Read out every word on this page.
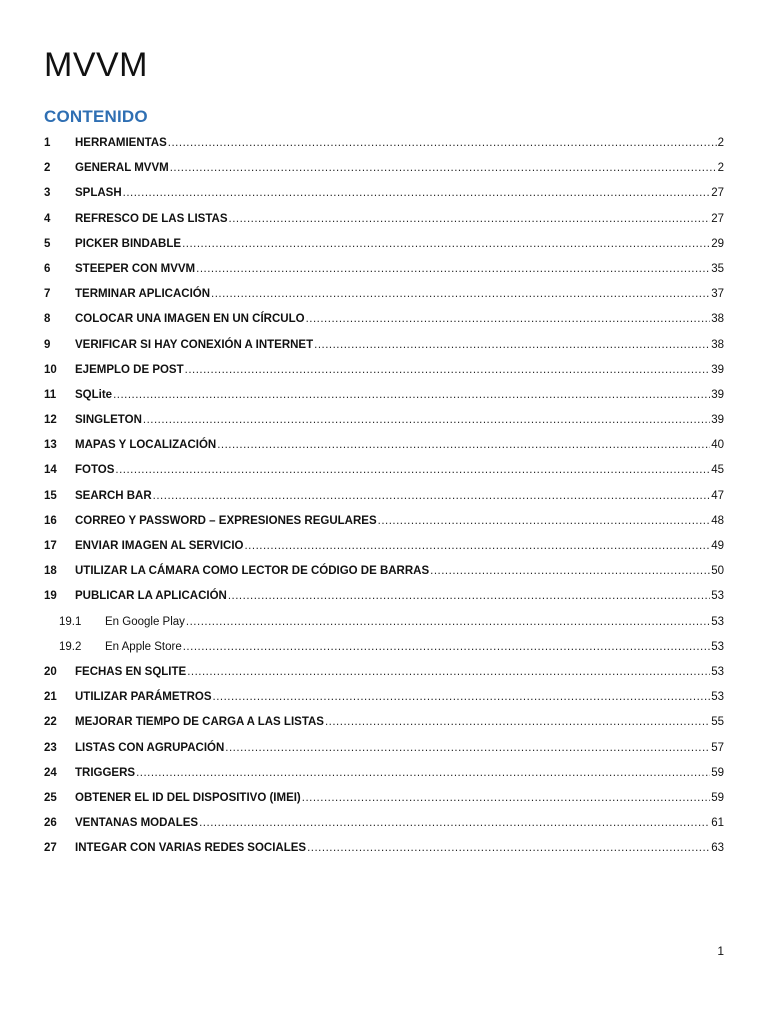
MVVM
CONTENIDO
1	HERRAMIENTAS .....	2
2	GENERAL MVVM .....	2
3	SPLASH .....	27
4	REFRESCO DE LAS LISTAS .....	27
5	PICKER BINDABLE .....	29
6	STEEPER CON MVVM .....	35
7	TERMINAR APLICACIÓN .....	37
8	COLOCAR UNA IMAGEN EN UN CÍRCULO .....	38
9	VERIFICAR SI HAY CONEXIÓN A INTERNET .....	38
10	EJEMPLO DE POST .....	39
11	SQLite .....	39
12	SINGLETON .....	39
13	MAPAS Y LOCALIZACIÓN .....	40
14	FOTOS .....	45
15	SEARCH BAR .....	47
16	CORREO Y PASSWORD – EXPRESIONES REGULARES .....	48
17	ENVIAR IMAGEN AL SERVICIO .....	49
18	UTILIZAR LA CÁMARA COMO LECTOR DE CÓDIGO DE BARRAS .....	50
19	PUBLICAR LA APLICACIÓN .....	53
19.1	En Google Play .....	53
19.2	En Apple Store .....	53
20	FECHAS EN SQLITE .....	53
21	UTILIZAR PARÁMETROS .....	53
22	MEJORAR TIEMPO DE CARGA A LAS LISTAS .....	55
23	LISTAS CON AGRUPACIÓN .....	57
24	TRIGGERS .....	59
25	OBTENER EL ID DEL DISPOSITIVO (IMEI) .....	59
26	VENTANAS MODALES .....	61
27	INTEGAR CON VARIAS REDES SOCIALES .....	63
1
